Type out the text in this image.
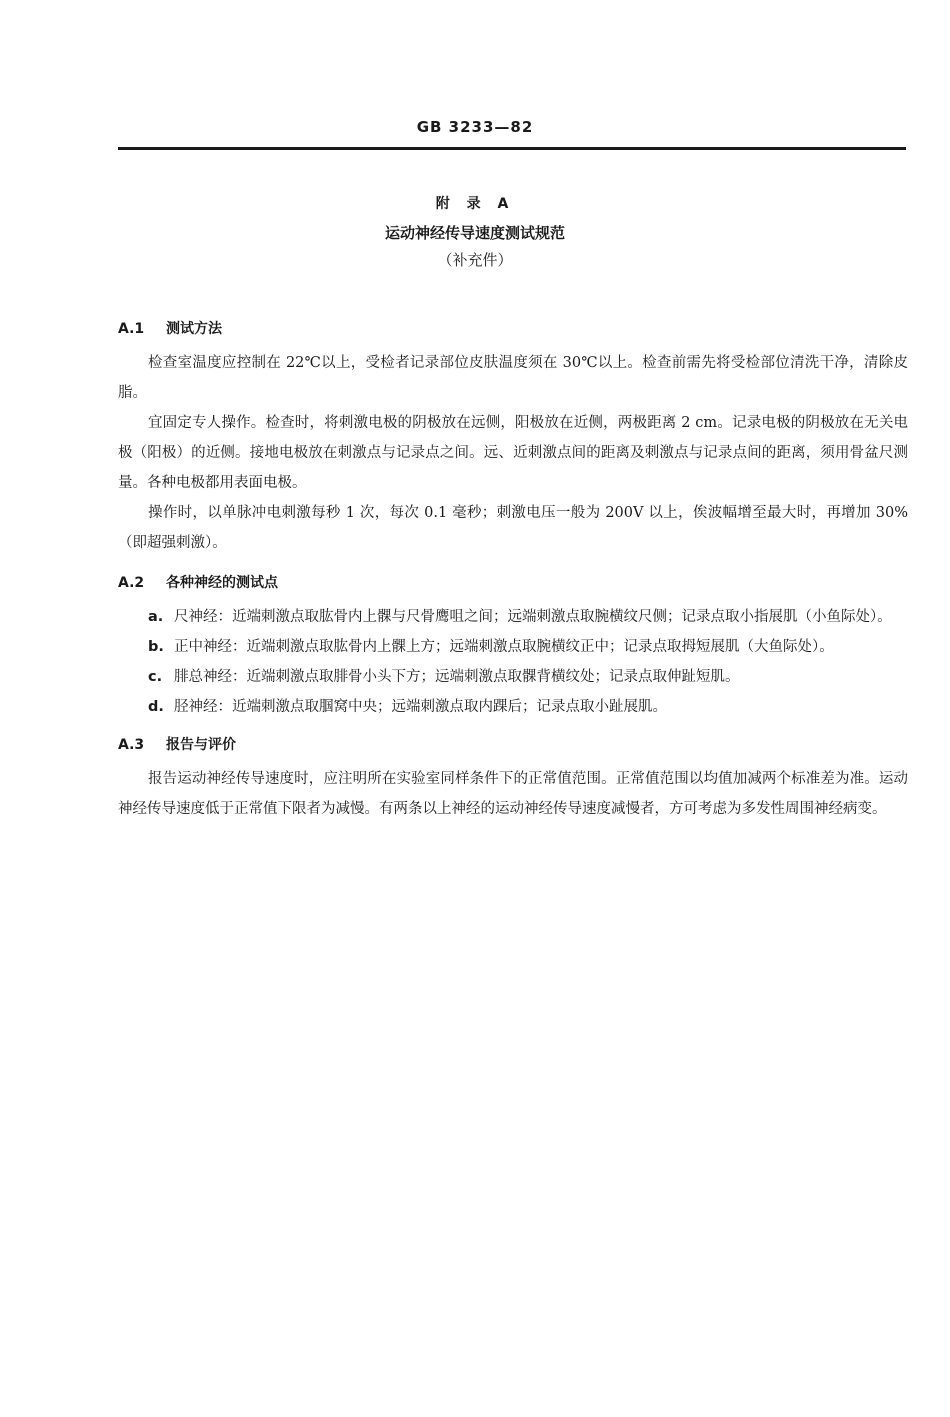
GB 3233—82
附 录 A
运动神经传导速度测试规范
（补充件）
A.1 测试方法

检查室温度应控制在 22℃以上，受检者记录部位皮肤温度须在 30℃以上。检查前需先将受检部位清洗干净，清除皮脂。

宜固定专人操作。检查时，将刺激电极的阴极放在远侧，阳极放在近侧，两极距离 2 cm。记录电极的阴极放在无关电极（阳极）的近侧。接地电极放在刺激点与记录点之间。远、近刺激点间的距离及刺激点与记录点间的距离，须用骨盆尺测量。各种电极都用表面电极。

操作时，以单脉冲电刺激每秒 1 次，每次 0.1 毫秒；刺激电压一般为 200V 以上，俟波幅增至最大时，再增加 30%（即超强刺激）。

A.2 各种神经的测试点

a. 尺神经：近端刺激点取肱骨内上髁与尺骨鹰咀之间；远端刺激点取腕横纹尺侧；记录点取小指展肌（小鱼际处）。

b. 正中神经：近端刺激点取肱骨内上髁上方；远端刺激点取腕横纹正中；记录点取拇短展肌（大鱼际处）。

c. 腓总神经：近端刺激点取腓骨小头下方；远端刺激点取髁背横纹处；记录点取伸趾短肌。

d. 胫神经：近端刺激点取腘窝中央；远端刺激点取内踝后；记录点取小趾展肌。

A.3 报告与评价

报告运动神经传导速度时，应注明所在实验室同样条件下的正常值范围。正常值范围以均值加减两个标准差为准。运动神经传导速度低于正常值下限者为减慢。有两条以上神经的运动神经传导速度减慢者，方可考虑为多发性周围神经病变。
